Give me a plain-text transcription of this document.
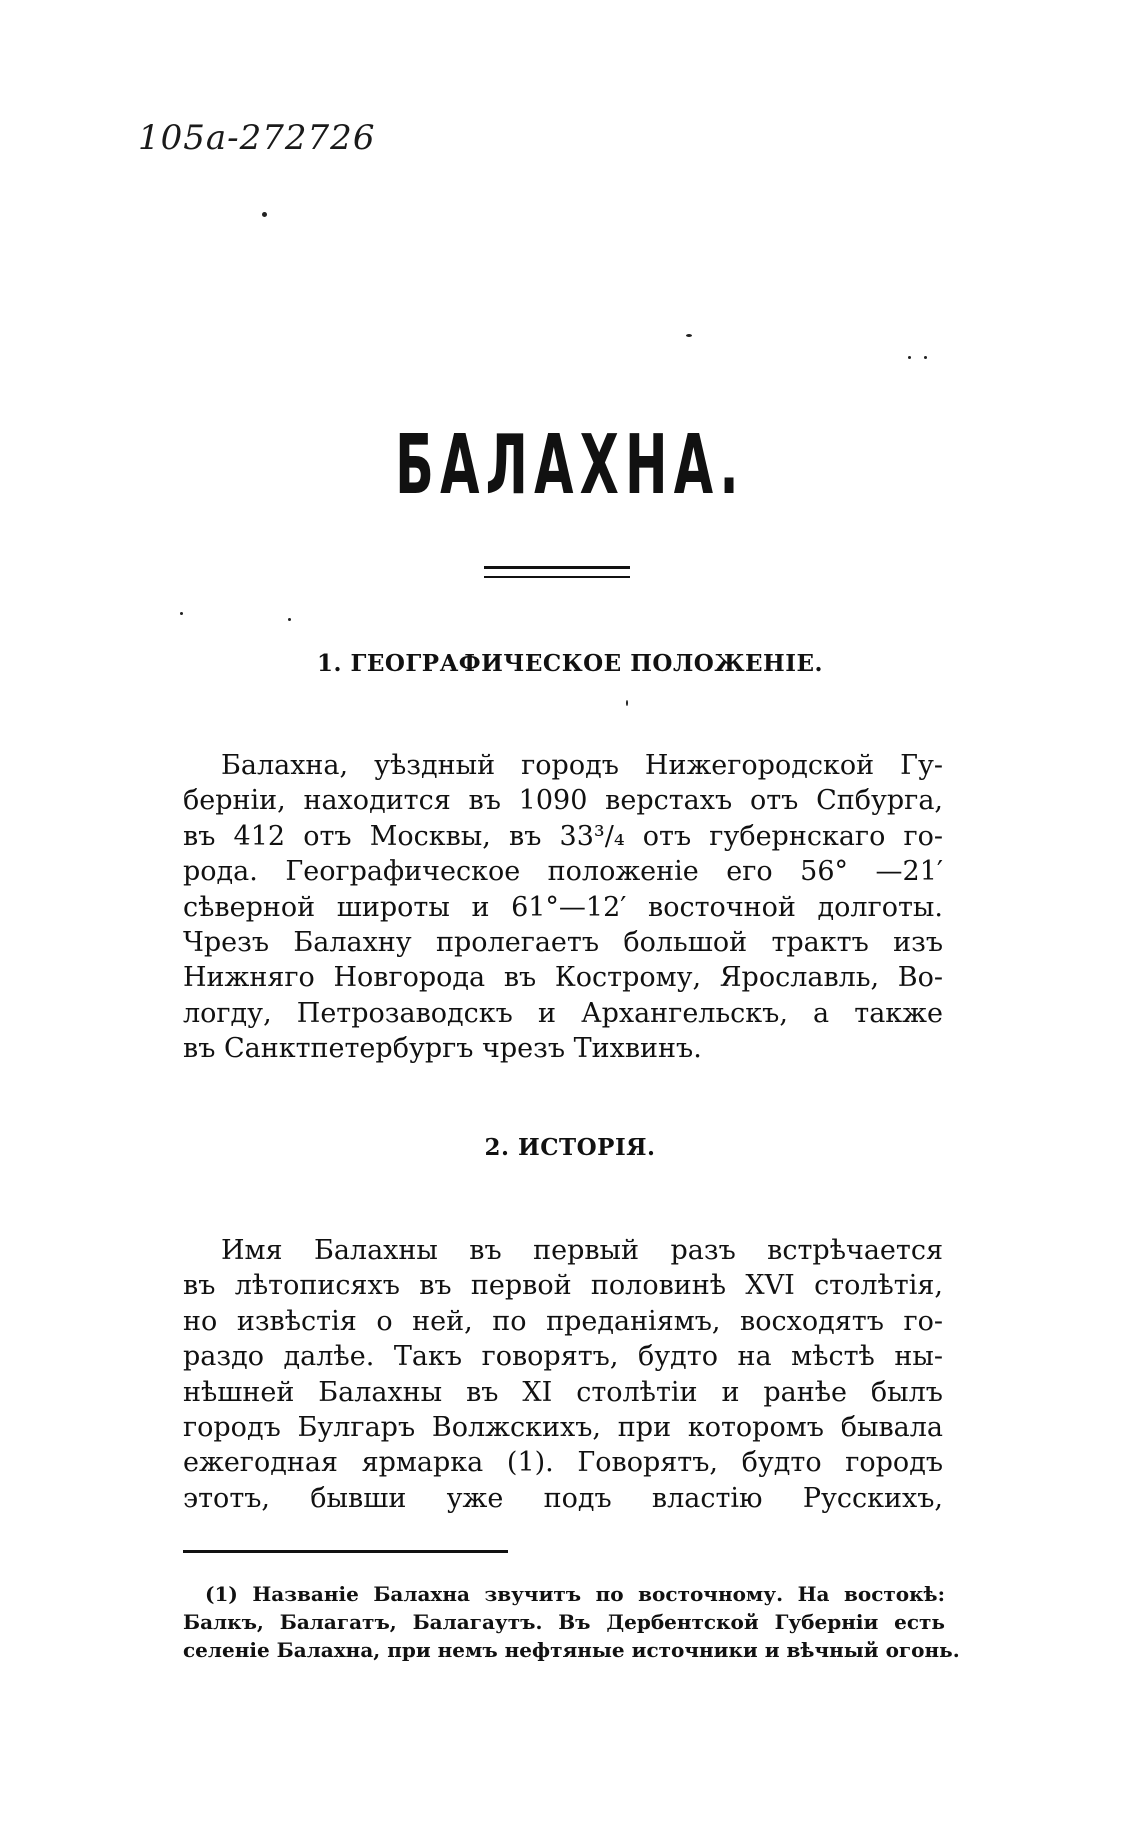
105a-272726
БАЛАХНА.
1. ГЕОГРАФИЧЕСКОЕ ПОЛОЖЕНІЕ.
Балахна, уѣздный городъ Нижегородской Гу-
берніи, находится въ 1090 верстахъ отъ Спбурга,
въ 412 отъ Москвы, въ 33³/₄ отъ губернскаго го-
рода. Географическое положеніе его 56° —21′
сѣверной широты и 61°—12′ восточной долготы.
Чрезъ Балахну пролегаетъ большой трактъ изъ
Нижняго Новгорода въ Кострому, Ярославль, Во-
логду, Петрозаводскъ и Архангельскъ, а также
въ Санктпетербургъ чрезъ Тихвинъ.
2. ИСТОРІЯ.
Имя Балахны въ первый разъ встрѣчается
въ лѣтописяхъ въ первой половинѣ XVI столѣтія,
но извѣстія о ней, по преданіямъ, восходятъ го-
раздо далѣе. Такъ говорятъ, будто на мѣстѣ ны-
нѣшней Балахны въ XI столѣтіи и ранѣе былъ
городъ Булгаръ Волжскихъ, при которомъ бывала
ежегодная ярмарка (1). Говорятъ, будто городъ
этотъ, бывши уже подъ властію Русскихъ,
(1) Названіе Балахна звучитъ по восточному. На востокѣ:
Балкъ, Балагатъ, Балагаутъ. Въ Дербентской Губерніи есть
селеніе Балахна, при немъ нефтяные источники и вѣчный огонь.
